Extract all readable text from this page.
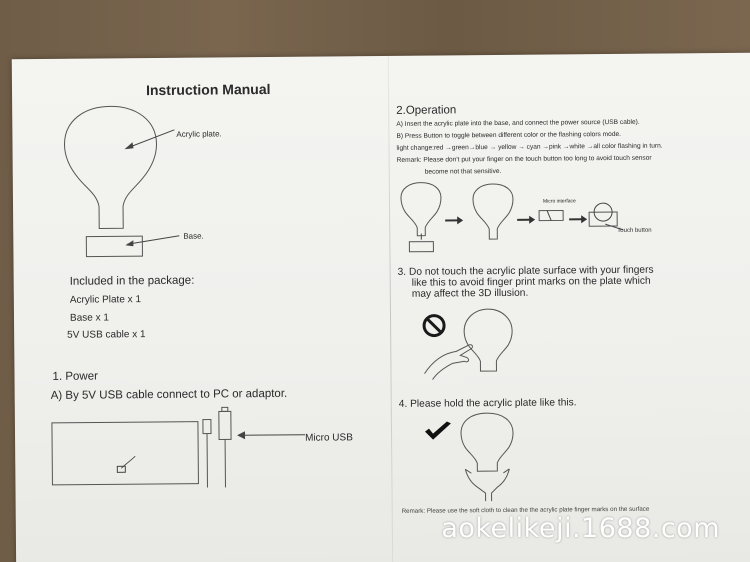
Instruction Manual
Acrylic plate.
Base.
Included in the package:
Acrylic Plate x 1
Base x 1
5V USB cable x 1
1. Power
A) By 5V USB cable connect to PC or adaptor.
Micro USB
2.Operation
A) Insert the acrylic plate into the base, and connect the power source (USB cable).
B) Press Button to toggle between different color or the flashing colors mode.
light change:red →green→blue → yellow → cyan →pink →white →all color flashing in turn.
Remark: Please don't put your finger on the touch button too long to avoid touch sensor
become not that sensitive.
Micro interface
Touch button
3. Do not touch the acrylic plate surface with your fingers
like this to avoid finger print marks on the plate which
may affect the 3D illusion.
4. Please hold the acrylic plate like this.
Remark: Please use the soft cloth to clean the the acrylic plate finger marks on the surface
aokelikeji.1688.com
